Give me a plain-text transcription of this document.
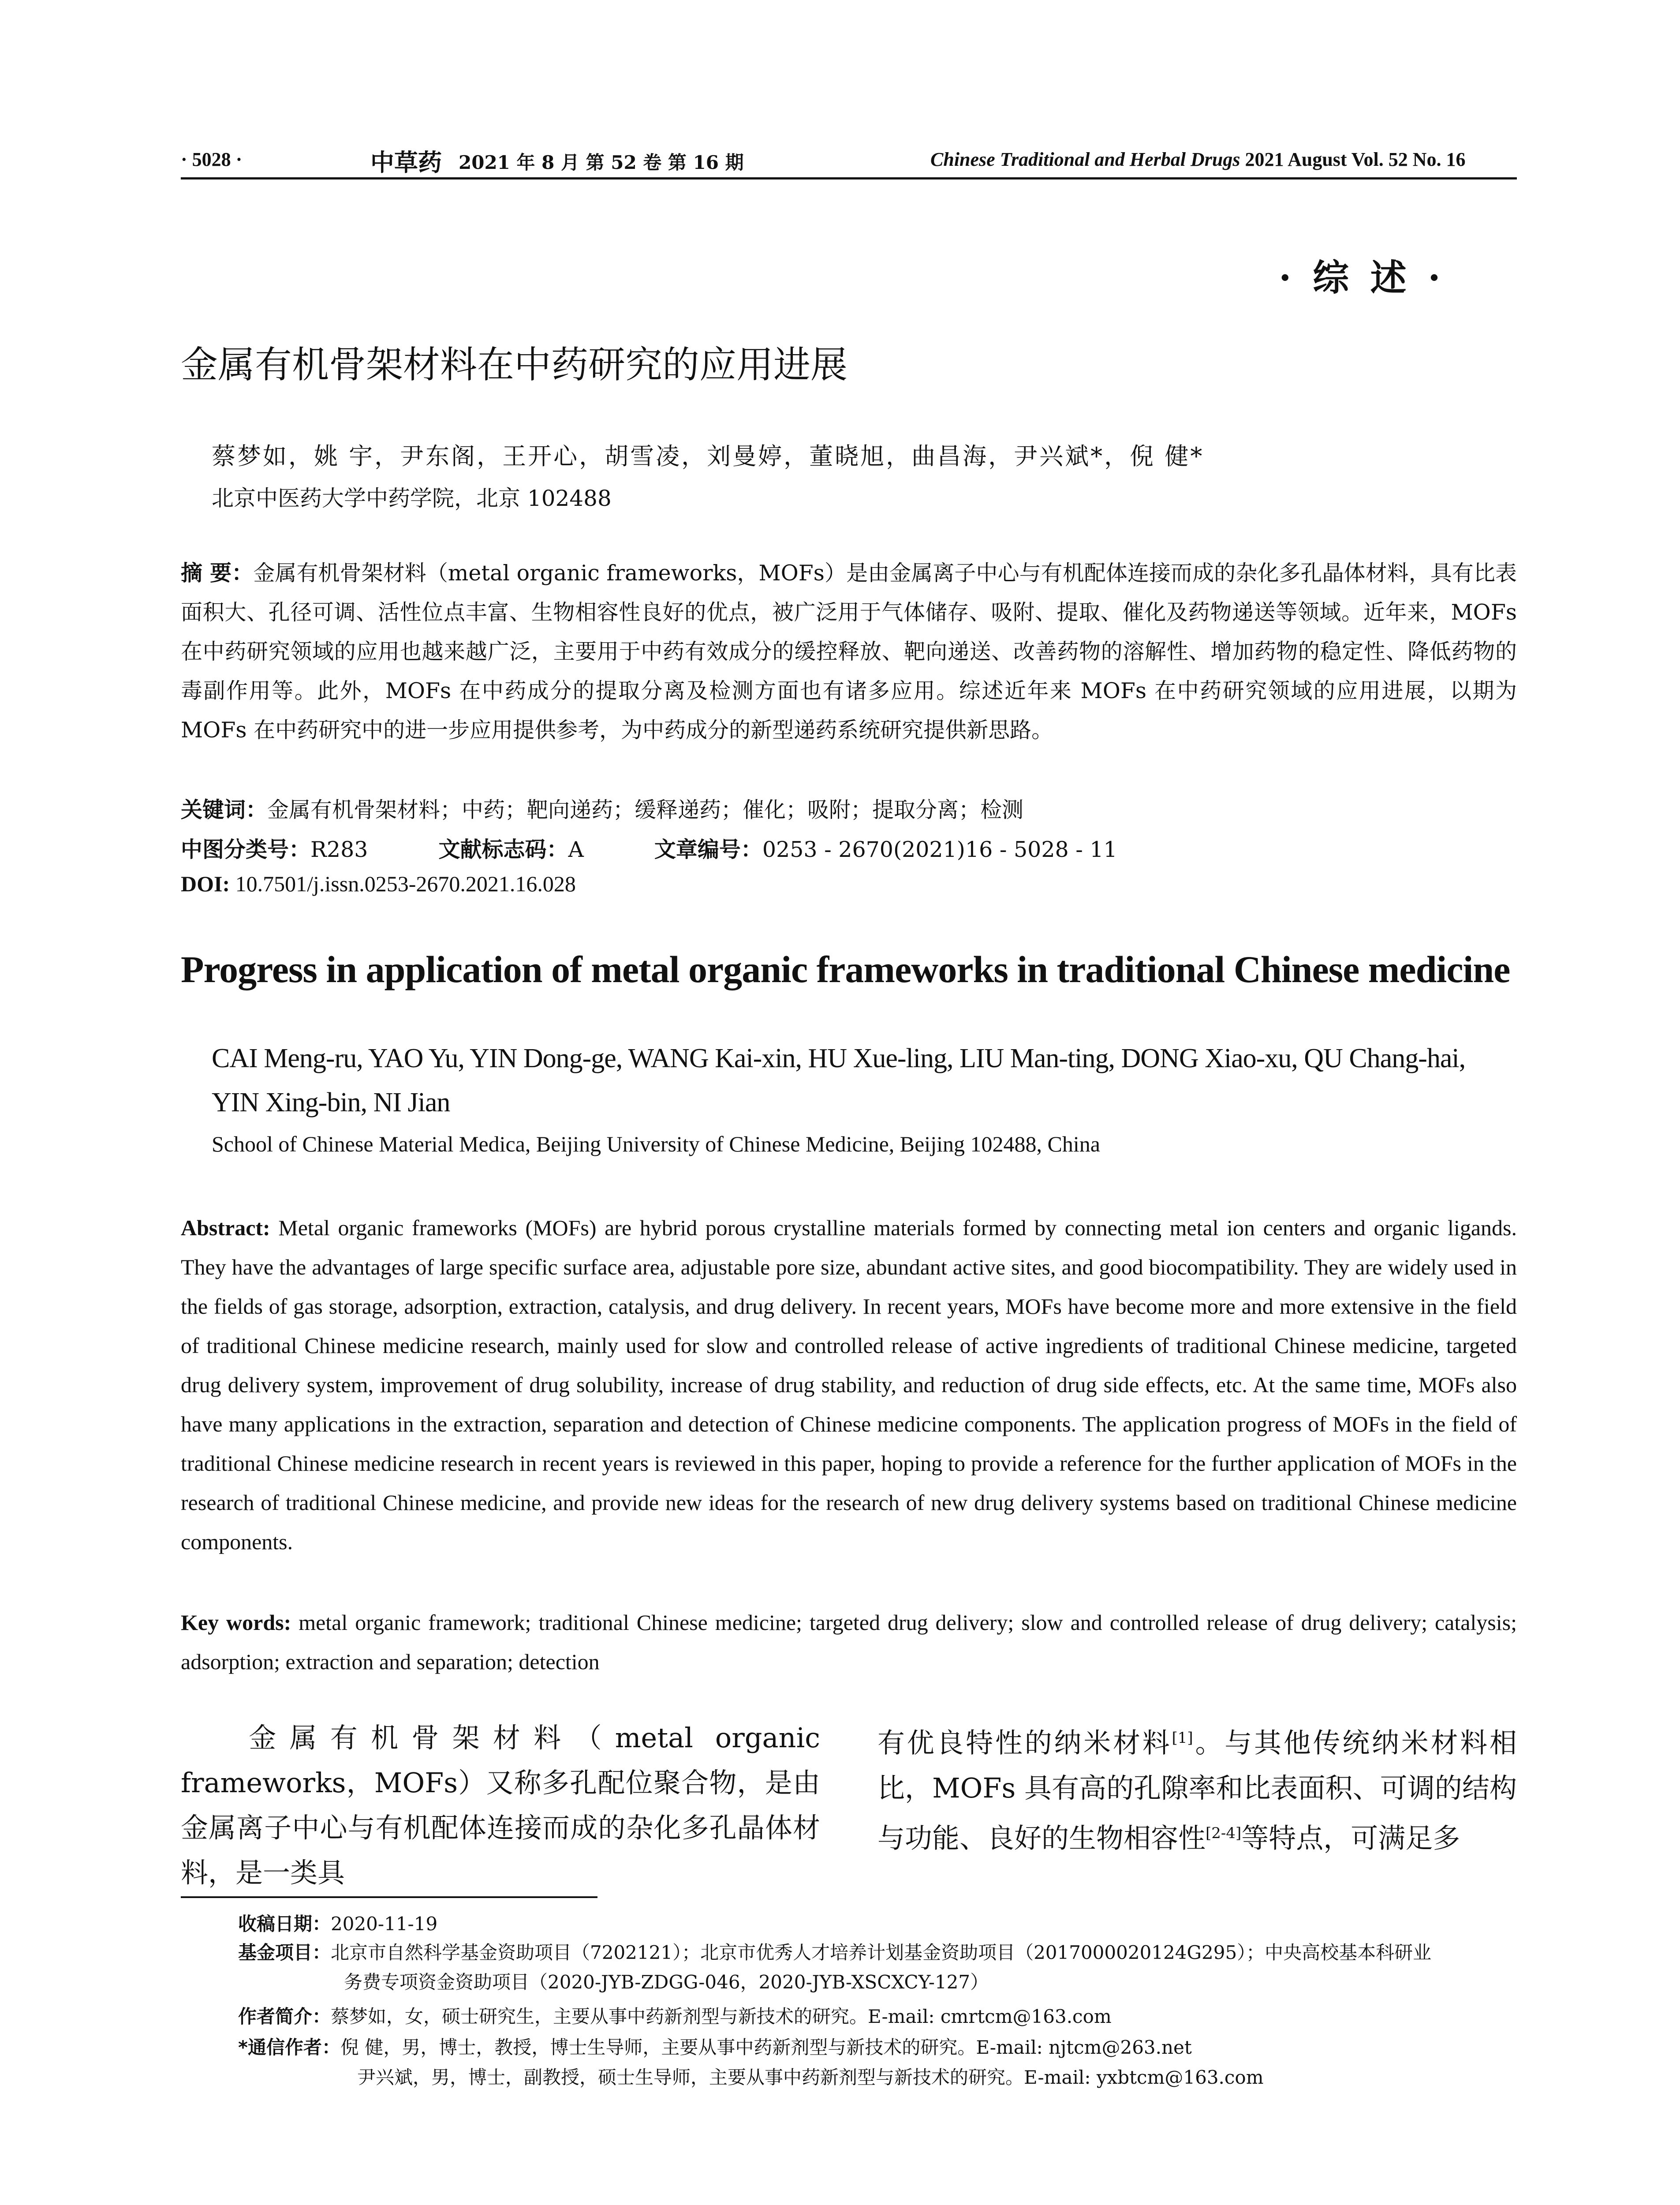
· 5028 ·	中草药 2021 年 8 月 第 52 卷 第 16 期	Chinese Traditional and Herbal Drugs 2021 August Vol. 52 No. 16
· 综 述 ·
金属有机骨架材料在中药研究的应用进展
蔡梦如，姚 宇，尹东阁，王开心，胡雪凌，刘曼婷，董晓旭，曲昌海，尹兴斌*，倪 健*
北京中医药大学中药学院，北京 102488
摘 要：金属有机骨架材料（metal organic frameworks，MOFs）是由金属离子中心与有机配体连接而成的杂化多孔晶体材料，具有比表面积大、孔径可调、活性位点丰富、生物相容性良好的优点，被广泛用于气体储存、吸附、提取、催化及药物递送等领域。近年来，MOFs 在中药研究领域的应用也越来越广泛，主要用于中药有效成分的缓控释放、靶向递送、改善药物的溶解性、增加药物的稳定性、降低药物的毒副作用等。此外，MOFs 在中药成分的提取分离及检测方面也有诸多应用。综述近年来 MOFs 在中药研究领域的应用进展，以期为 MOFs 在中药研究中的进一步应用提供参考，为中药成分的新型递药系统研究提供新思路。
关键词：金属有机骨架材料；中药；靶向递药；缓释递药；催化；吸附；提取分离；检测
中图分类号：R283	文献标志码：A	文章编号：0253 - 2670(2021)16 - 5028 - 11
DOI: 10.7501/j.issn.0253-2670.2021.16.028
Progress in application of metal organic frameworks in traditional Chinese medicine
CAI Meng-ru, YAO Yu, YIN Dong-ge, WANG Kai-xin, HU Xue-ling, LIU Man-ting, DONG Xiao-xu, QU Chang-hai, YIN Xing-bin, NI Jian
School of Chinese Material Medica, Beijing University of Chinese Medicine, Beijing 102488, China
Abstract: Metal organic frameworks (MOFs) are hybrid porous crystalline materials formed by connecting metal ion centers and organic ligands. They have the advantages of large specific surface area, adjustable pore size, abundant active sites, and good biocompatibility. They are widely used in the fields of gas storage, adsorption, extraction, catalysis, and drug delivery. In recent years, MOFs have become more and more extensive in the field of traditional Chinese medicine research, mainly used for slow and controlled release of active ingredients of traditional Chinese medicine, targeted drug delivery system, improvement of drug solubility, increase of drug stability, and reduction of drug side effects, etc. At the same time, MOFs also have many applications in the extraction, separation and detection of Chinese medicine components. The application progress of MOFs in the field of traditional Chinese medicine research in recent years is reviewed in this paper, hoping to provide a reference for the further application of MOFs in the research of traditional Chinese medicine, and provide new ideas for the research of new drug delivery systems based on traditional Chinese medicine components.
Key words: metal organic framework; traditional Chinese medicine; targeted drug delivery; slow and controlled release of drug delivery; catalysis; adsorption; extraction and separation; detection
金属有机骨架材料（metal organic frameworks，MOFs）又称多孔配位聚合物，是由金属离子中心与有机配体连接而成的杂化多孔晶体材料，是一类具
有优良特性的纳米材料[1]。与其他传统纳米材料相比，MOFs 具有高的孔隙率和比表面积、可调的结构与功能、良好的生物相容性[2-4]等特点，可满足多
收稿日期：2020-11-19
基金项目：北京市自然科学基金资助项目（7202121）；北京市优秀人才培养计划基金资助项目（2017000020124G295）；中央高校基本科研业
务费专项资金资助项目（2020-JYB-ZDGG-046，2020-JYB-XSCXCY-127）
作者简介：蔡梦如，女，硕士研究生，主要从事中药新剂型与新技术的研究。E-mail: cmrtcm@163.com
*通信作者：倪 健，男，博士，教授，博士生导师，主要从事中药新剂型与新技术的研究。E-mail: njtcm@263.net
尹兴斌，男，博士，副教授，硕士生导师，主要从事中药新剂型与新技术的研究。E-mail: yxbtcm@163.com
